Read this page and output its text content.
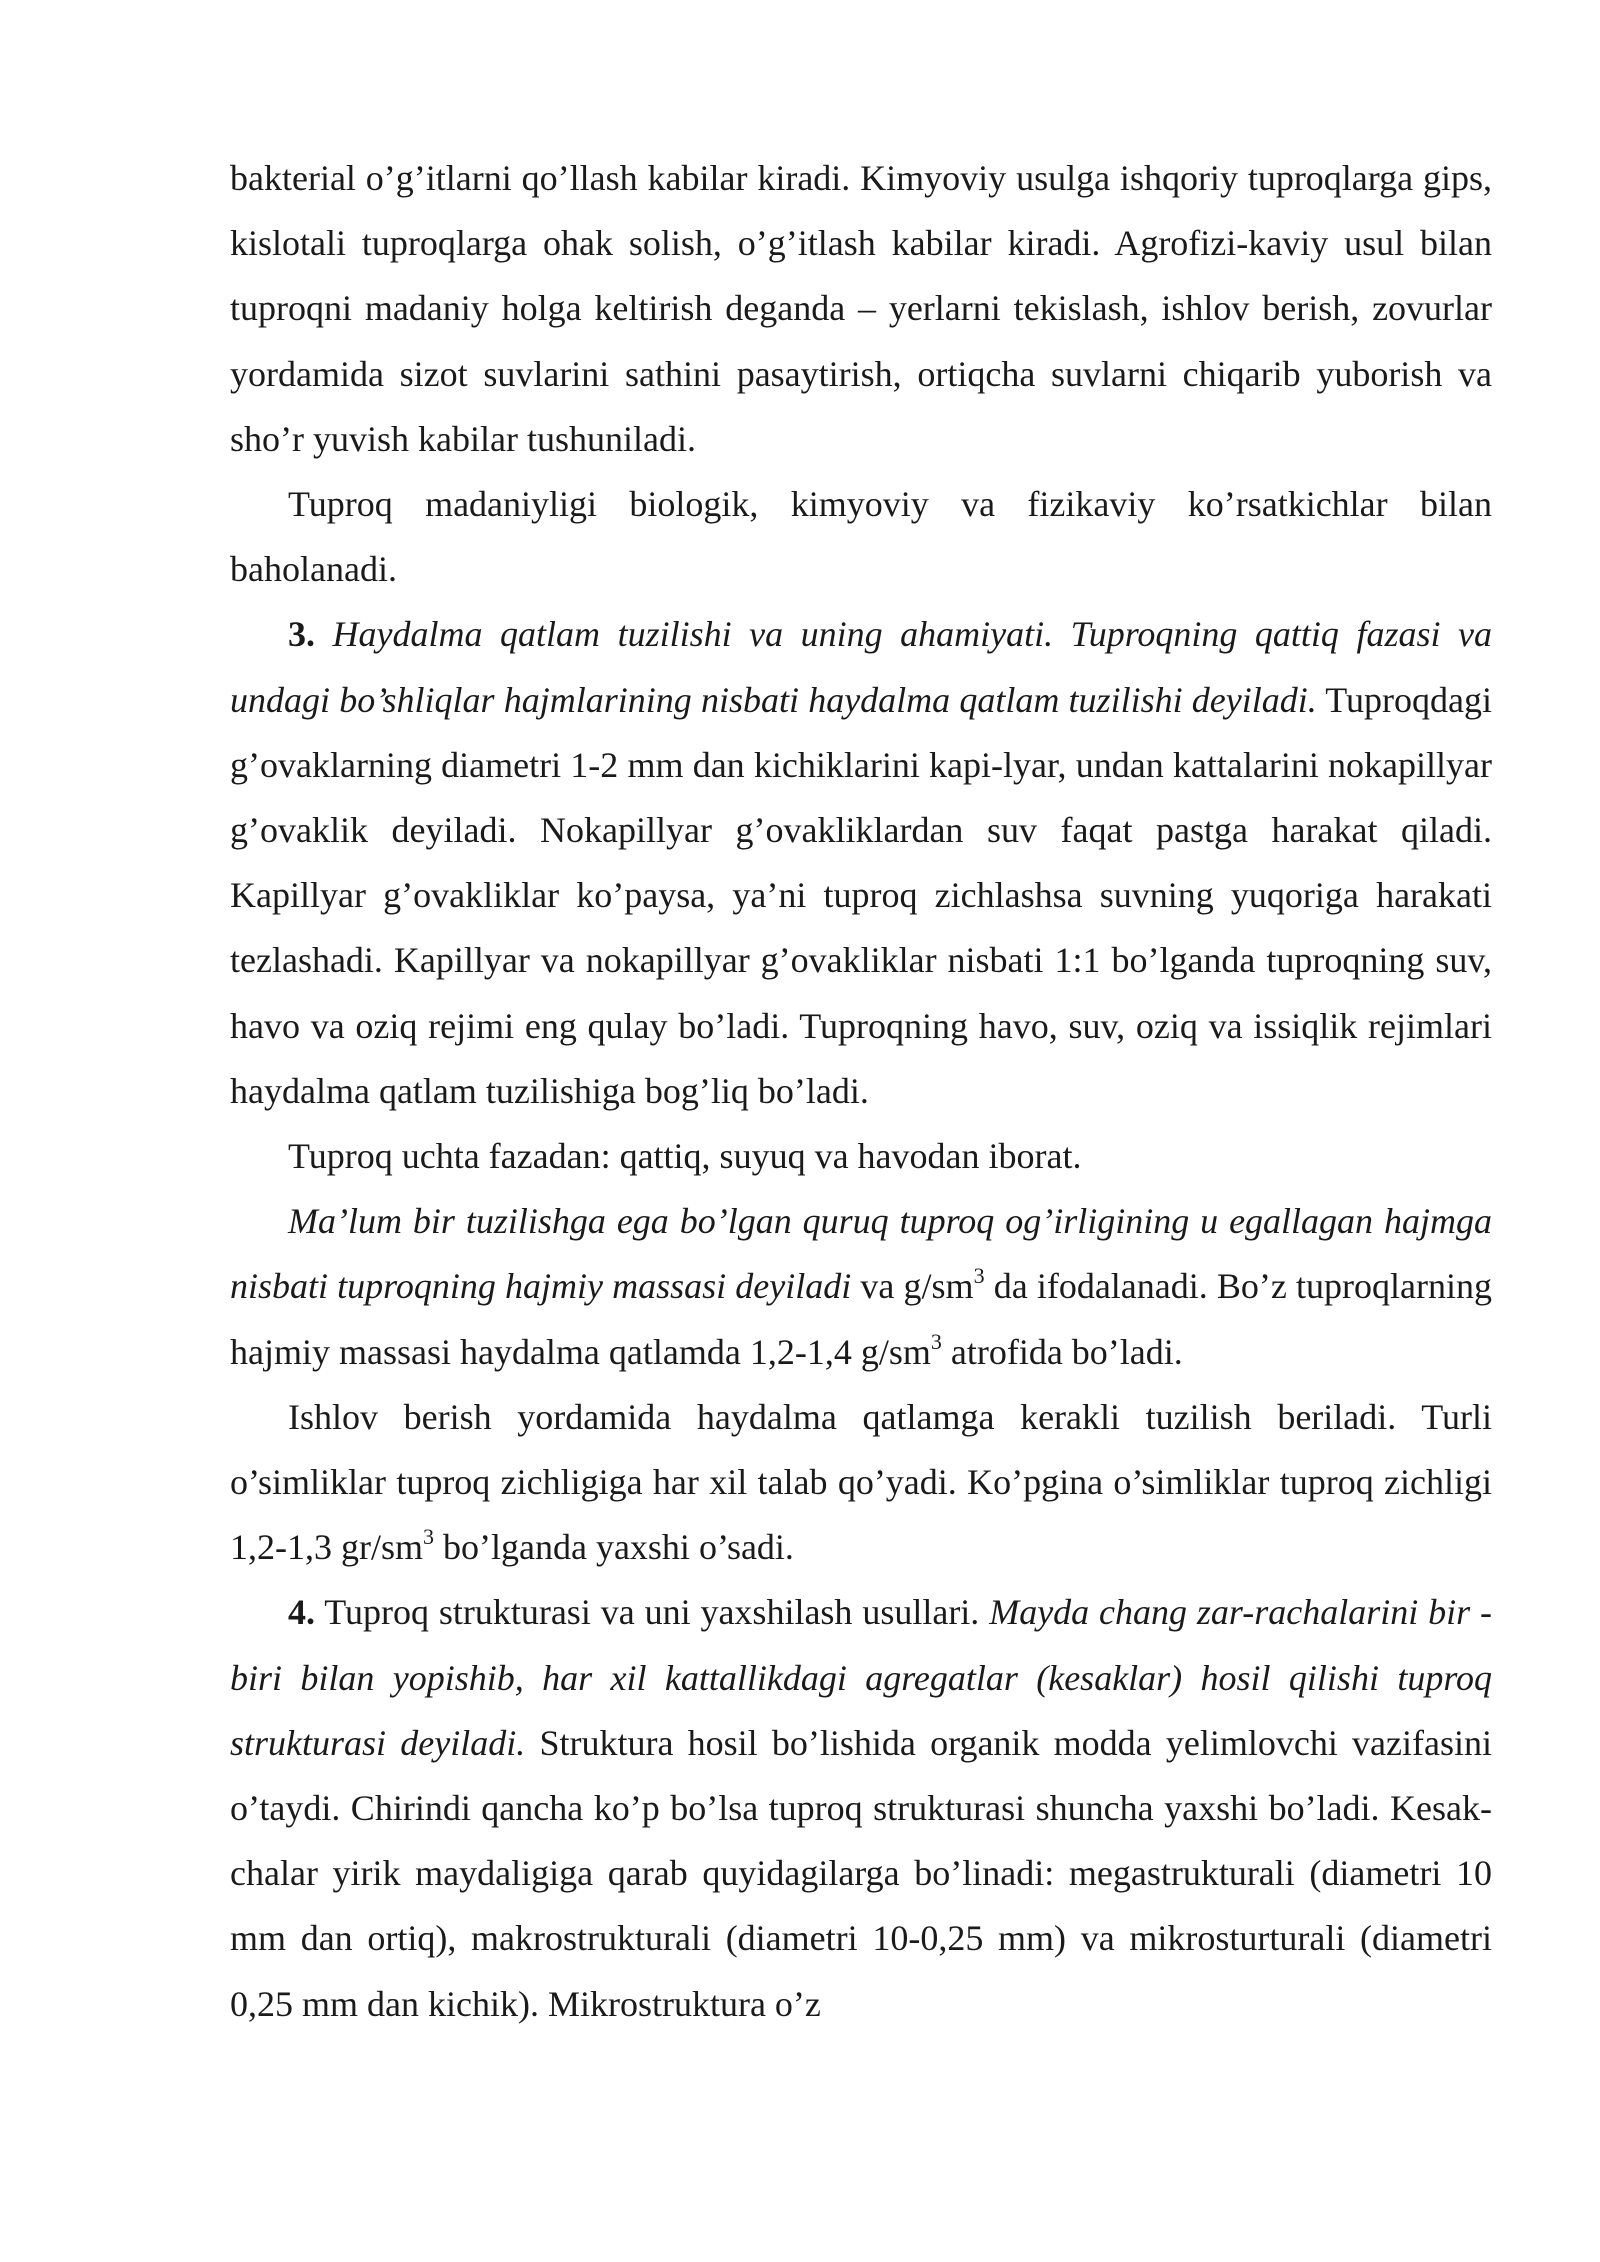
bakterial o’g’itlarni qo’llash kabilar kiradi. Kimyoviy usulga ishqoriy tuproqlarga gips, kislotali tuproqlarga ohak solish, o’g’itlash kabilar kiradi. Agrofizi-kaviy usul bilan tuproqni madaniy holga keltirish deganda – yerlarni tekislash, ishlov berish, zovurlar yordamida sizot suvlarini sathini pasaytirish, ortiqcha suvlarni chiqarib yuborish va sho’r yuvish kabilar tushuniladi.

Tuproq madaniyligi biologik, kimyoviy va fizikaviy ko’rsatkichlar bilan baholanadi.

3. Haydalma qatlam tuzilishi va uning ahamiyati. Tuproqning qattiq fazasi va undagi bo’shliqlar hajmlarining nisbati haydalma qatlam tuzilishi deyiladi. Tuproqdagi g’ovaklarning diametri 1-2 mm dan kichiklarini kapi-lyar, undan kattalarini nokapillyar g’ovaklik deyiladi. Nokapillyar g’ovakliklardan suv faqat pastga harakat qiladi. Kapillyar g’ovakliklar ko’paysa, ya’ni tuproq zichlashsa suvning yuqoriga harakati tezlashadi. Kapillyar va nokapillyar g’ovakliklar nisbati 1:1 bo’lganda tuproqning suv, havo va oziq rejimi eng qulay bo’ladi. Tuproqning havo, suv, oziq va issiqlik rejimlari haydalma qatlam tuzilishiga bog’liq bo’ladi.

Tuproq uchta fazadan: qattiq, suyuq va havodan iborat.

Ma’lum bir tuzilishga ega bo’lgan quruq tuproq og’irligining u egallagan hajmga nisbati tuproqning hajmiy massasi deyiladi va $g/sm^3$ da ifodalanadi. Bo’z tuproqlarning hajmiy massasi haydalma qatlamda 1,2-1,4 $g/sm^3$ atrofida bo’ladi.

Ishlov berish yordamida haydalma qatlamga kerakli tuzilish beriladi. Turli o’simliklar tuproq zichligiga har xil talab qo’yadi. Ko’pgina o’simliklar tuproq zichligi 1,2-1,3 $gr/sm^3$ bo’lganda yaxshi o’sadi.

4. Tuproq strukturasi va uni yaxshilash usullari. Mayda chang zar-rachalarini bir - biri bilan yopishib, har xil kattallikdagi agregatlar (kesaklar) hosil qilishi tuproq strukturasi deyiladi. Struktura hosil bo’lishida organik modda yelimlovchi vazifasini o’taydi. Chirindi qancha ko’p bo’lsa tuproq strukturasi shuncha yaxshi bo’ladi. Kesak-chalar yirik maydaligiga qarab quyidagilarga bo’linadi: megastrukturali (diametri 10 mm dan ortiq), makrostrukturali (diametri 10-0,25 mm) va mikrosturturali (diametri 0,25 mm dan kichik). Mikrostruktura o’z
